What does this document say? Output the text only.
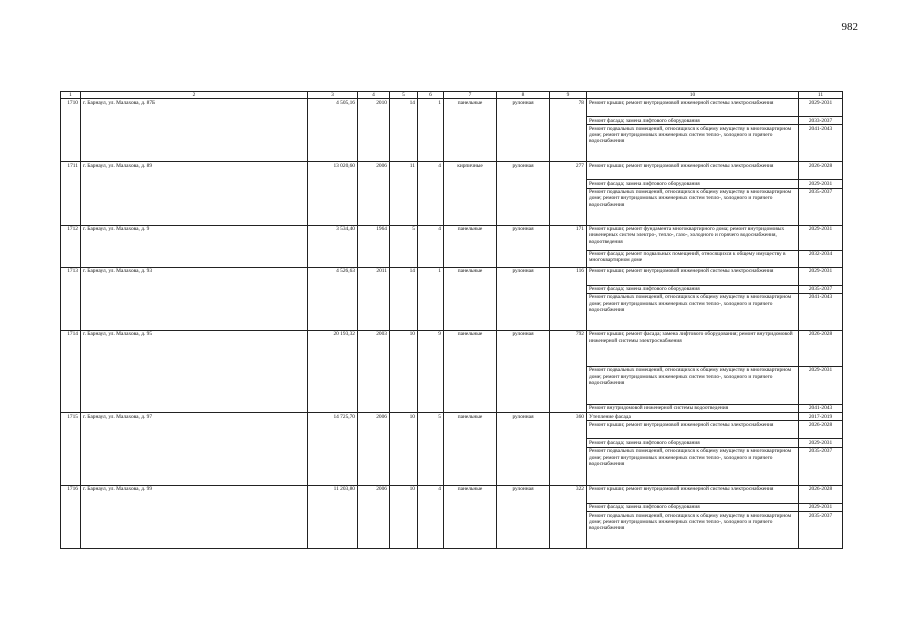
982
1	2	3	4	5	6	7	8	9	10	11
1710	г. Барнаул, ул. Малахова, д. 87Б	4 505,16	2010	14	1	панельные	рулонная	78	Ремонт крыши; ремонт внутридомовой инженерной системы электроснабжения	2029-2031
									Ремонт фасада; замена лифтового оборудования	2033-2037
									Ремонт подвальных помещений, относящихся к общему имуществу в многоквартирном доме; ремонт внутридомовых инженерных систем тепло-, холодного и горячего водоснабжения	2041-2043
1711	г. Барнаул, ул. Малахова, д. 89	13 020,60	2006	11	4	кирпичные	рулонная	277	Ремонт крыши; ремонт внутридомовой инженерной системы электроснабжения	2026-2028
									Ремонт фасада; замена лифтового оборудования	2029-2031
									Ремонт подвальных помещений, относящихся к общему имуществу в многоквартирном доме; ремонт внутридомовых инженерных систем тепло-, холодного и горячего водоснабжения	2035-2037
1712	г. Барнаул, ул. Малахова, д. 9	3 534,40	1964	5	4	панельные	рулонная	171	Ремонт крыши; ремонт фундамента многоквартирного дома; ремонт внутридомовых инженерных систем электро-, тепло-, газо-, холодного и горячего водоснабжения, водоотведения	2029-2031
									Ремонт фасада; ремонт подвальных помещений, относящихся к общему имуществу в многоквартирном доме	2032-2034
1713	г. Барнаул, ул. Малахова, д. 93	4 526,63	2011	14	1	панельные	рулонная	116	Ремонт крыши; ремонт внутридомовой инженерной системы электроснабжения	2029-2031
									Ремонт фасада; замена лифтового оборудования	2035-2037
									Ремонт подвальных помещений, относящихся к общему имуществу в многоквартирном доме; ремонт внутридомовых инженерных систем тепло-, холодного и горячего водоснабжения	2041-2043
1714	г. Барнаул, ул. Малахова, д. 95	20 193,32	2003	10	9	панельные	рулонная	792	Ремонт крыши; ремонт фасада; замена лифтового оборудования; ремонт внутридомовой инженерной системы электроснабжения	2026-2028
									Ремонт подвальных помещений, относящихся к общему имуществу в многоквартирном доме; ремонт внутридомовых инженерных систем тепло-, холодного и горячего водоснабжения	2029-2031
									Ремонт внутридомовой инженерной системы водоотведения	2041-2043
1715	г. Барнаул, ул. Малахова, д. 97	14 725,70	2006	10	5	панельные	рулонная	360	Утепление фасада	2017-2019
									Ремонт крыши; ремонт внутридомовой инженерной системы электроснабжения	2026-2028
									Ремонт фасада; замена лифтового оборудования	2029-2031
									Ремонт подвальных помещений, относящихся к общему имуществу в многоквартирном доме; ремонт внутридомовых инженерных систем тепло-, холодного и горячего водоснабжения	2035-2037
1716	г. Барнаул, ул. Малахова, д. 99	11 203,80	2006	10	4	панельные	рулонная	322	Ремонт крыши; ремонт внутридомовой инженерной системы электроснабжения	2026-2028
									Ремонт фасада; замена лифтового оборудования	2029-2031
									Ремонт подвальных помещений, относящихся к общему имуществу в многоквартирном доме; ремонт внутридомовых инженерных систем тепло-, холодного и горячего водоснабжения	2035-2037
